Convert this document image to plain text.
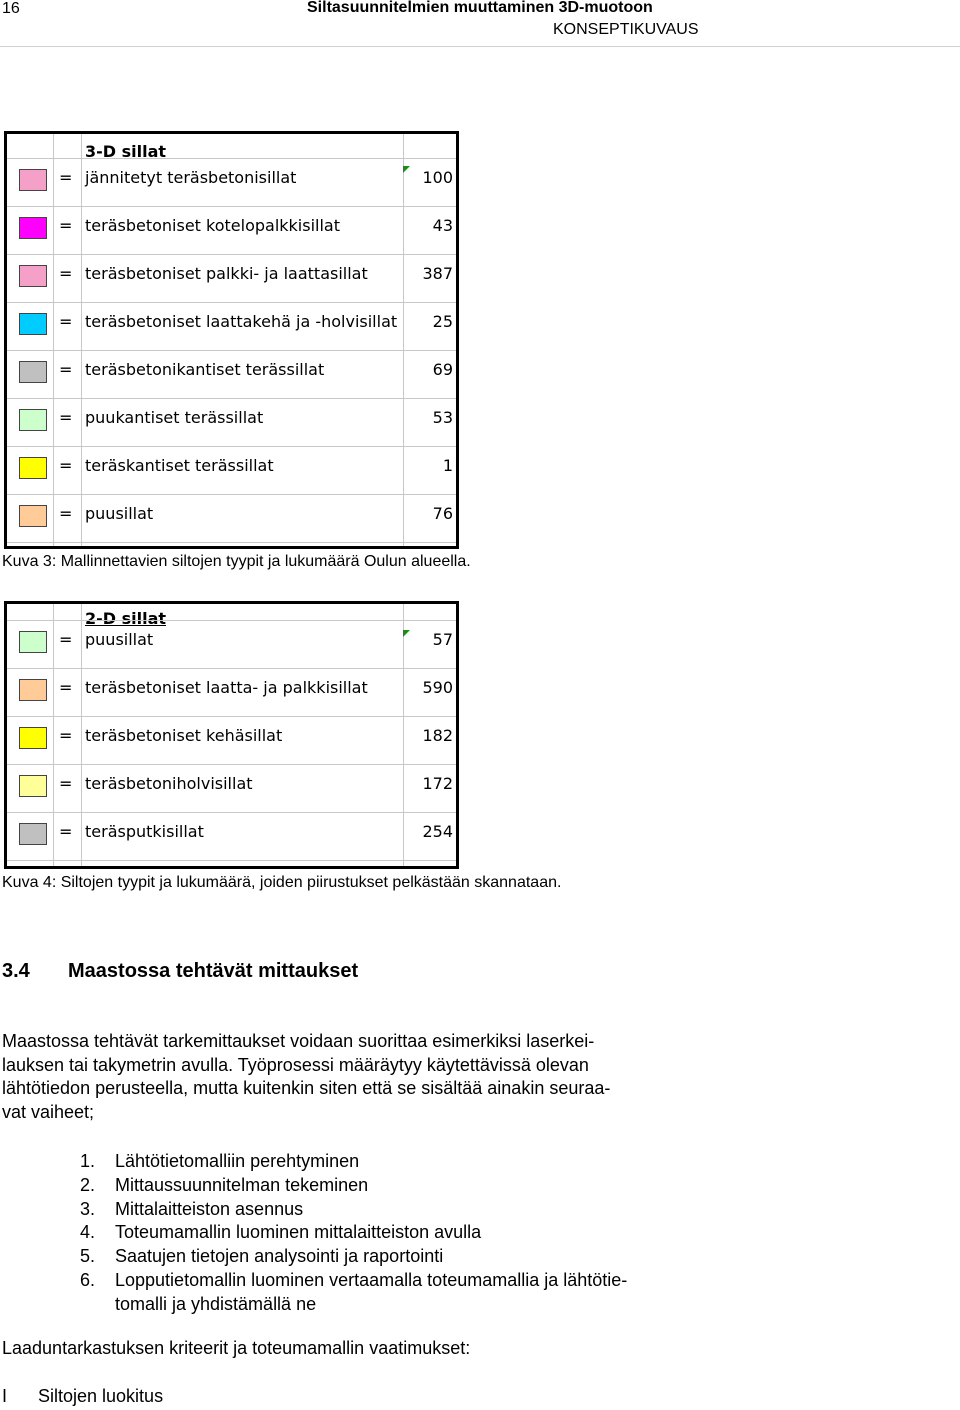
16	Siltasuunnitelmien muuttaminen 3D-muotoon
KONSEPTIKUVAUS
3-D sillat
= jännitetyt teräsbetonisillat	100
= teräsbetoniset kotelopalkkisillat	43
= teräsbetoniset palkki- ja laattasillat	387
= teräsbetoniset laattakehä ja -holvisillat 25
= teräsbetonikantiset terässillat	69
= puukantiset terässillat	53
= teräskantiset terässillat	1
= puusillat	76
Kuva 3: Mallinnettavien siltojen tyypit ja lukumäärä Oulun alueella.
2-D sillat
= puusillat	57
= teräsbetoniset laatta- ja palkkisillat	590
= teräsbetoniset kehäsillat	182
= teräsbetoniholvisillat	172
= teräsputkisillat	254
Kuva 4: Siltojen tyypit ja lukumäärä, joiden piirustukset pelkästään skannataan.
3.4 Maastossa tehtävät mittaukset
Maastossa tehtävät tarkemittaukset voidaan suorittaa esimerkiksi laserkei-
lauksen tai takymetrin avulla. Työprosessi määräytyy käytettävissä olevan
lähtötiedon perusteella, mutta kuitenkin siten että se sisältää ainakin seuraa-
vat vaiheet;
1. Lähtötietomalliin perehtyminen
2. Mittaussuunnitelman tekeminen
3. Mittalaitteiston asennus
4. Toteumamallin luominen mittalaitteiston avulla
5. Saatujen tietojen analysointi ja raportointi
6. Lopputietomallin luominen vertaamalla toteumamallia ja lähtötie-
tomalli ja yhdistämällä ne
Laaduntarkastuksen kriteerit ja toteumamallin vaatimukset:
I Siltojen luokitus
